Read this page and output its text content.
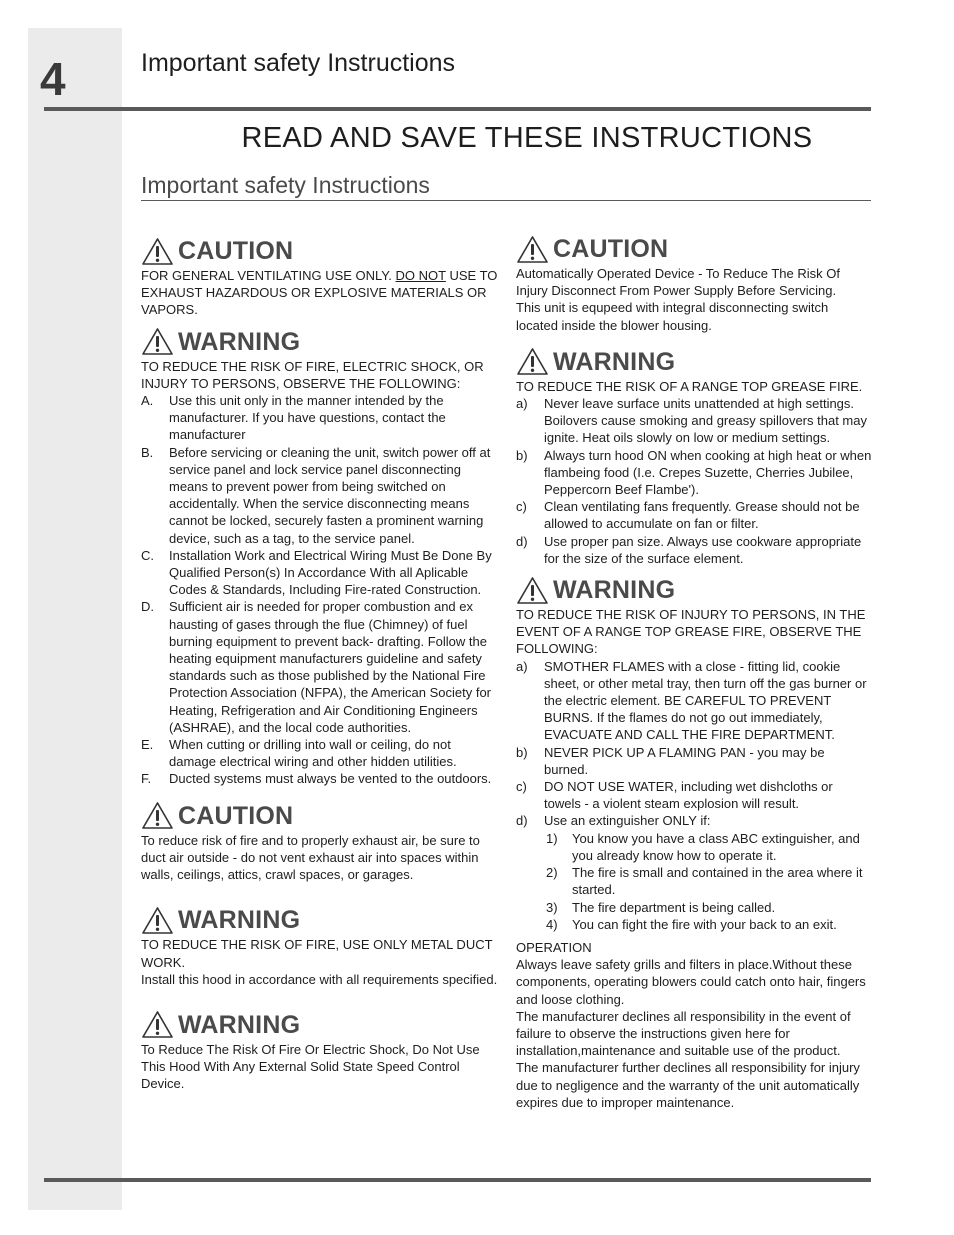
4	Important safety Instructions
READ AND SAVE THESE INSTRUCTIONS
Important safety Instructions
CAUTION

FOR GENERAL VENTILATING USE ONLY. DO NOT USE TO EXHAUST HAZARDOUS OR EXPLOSIVE MATERIALS OR VAPORS.

WARNING

TO REDUCE THE RISK OF FIRE, ELECTRIC SHOCK, OR INJURY TO PERSONS, OBSERVE THE FOLLOWING:

A.	Use this unit only in the manner intended by the manufacturer. If you have questions, contact the manufacturer
B.	Before servicing or cleaning the unit, switch power off at service panel and lock service panel disconnecting means to prevent power from being switched on accidentally. When the service disconnecting means cannot be locked, securely fasten a prominent warning device, such as a tag, to the service panel.
C.	Installation Work and Electrical Wiring Must Be Done By Qualified Person(s) In Accordance With all Aplicable Codes & Standards, Including Fire-rated Construction.
D.	Sufficient air is needed for proper combustion and ex hausting of gases through the flue (Chimney) of fuel burning equipment to prevent back- drafting. Follow the heating equipment manufacturers guideline and safety standards such as those published by the National Fire Protection Association (NFPA), the American Society for Heating, Refrigeration and Air Conditioning Engineers (ASHRAE), and the local code authorities.
E.	When cutting or drilling into wall or ceiling, do not damage electrical wiring and other hidden utilities.
F.	Ducted systems must always be vented to the outdoors.
CAUTION

To reduce risk of fire and to properly exhaust air, be sure to duct air outside - do not vent exhaust air into spaces within walls, ceilings, attics, crawl spaces, or garages.

WARNING

TO REDUCE THE RISK OF FIRE, USE ONLY METAL DUCT WORK.

Install this hood in accordance with all requirements specified.

WARNING

To Reduce The Risk Of Fire Or Electric Shock, Do Not Use This Hood With Any External Solid State Speed Control Device.

CAUTION

Automatically Operated Device - To Reduce The Risk Of Injury Disconnect From Power Supply Before Servicing.

This unit is equpeed with integral disconnecting switch located inside the blower housing.

WARNING

TO REDUCE THE RISK OF A RANGE TOP GREASE FIRE.

a)	Never leave surface units unattended at high settings. Boilovers cause smoking and greasy spillovers that may ignite. Heat oils slowly on low or medium settings.
b)	Always turn hood ON when cooking at high heat or when flambeing food (I.e. Crepes Suzette, Cherries Jubilee, Peppercorn Beef Flambe').
c)	Clean ventilating fans frequently. Grease should not be allowed to accumulate on fan or filter.
d)	Use proper pan size. Always use cookware appropriate for the size of the surface element.
WARNING

TO REDUCE THE RISK OF INJURY TO PERSONS, IN THE EVENT OF A RANGE TOP GREASE FIRE, OBSERVE THE FOLLOWING:

a)	SMOTHER FLAMES with a close - fitting lid, cookie sheet, or other metal tray, then turn off the gas burner or the electric element. BE CAREFUL TO PREVENT BURNS. If the flames do not go out immediately, EVACUATE AND CALL THE FIRE DEPARTMENT.
b)	NEVER PICK UP A FLAMING PAN - you may be burned.
c)	DO NOT USE WATER, including wet dishcloths or towels - a violent steam explosion will result.
d)	Use an extinguisher ONLY if:
1)	You know you have a class ABC extinguisher, and you already know how to operate it.
2)	The fire is small and contained in the area where it started.
3)	The fire department is being called.
4)	You can fight the fire with your back to an exit.

OPERATION

Always leave safety grills and filters in place.Without these components, operating blowers could catch onto hair, fingers and loose clothing.

The manufacturer declines all responsibility in the event of failure to observe the instructions given here for installation,maintenance and suitable use of the product.

The manufacturer further declines all responsibility for injury due to negligence and the warranty of the unit automatically expires due to improper maintenance.
